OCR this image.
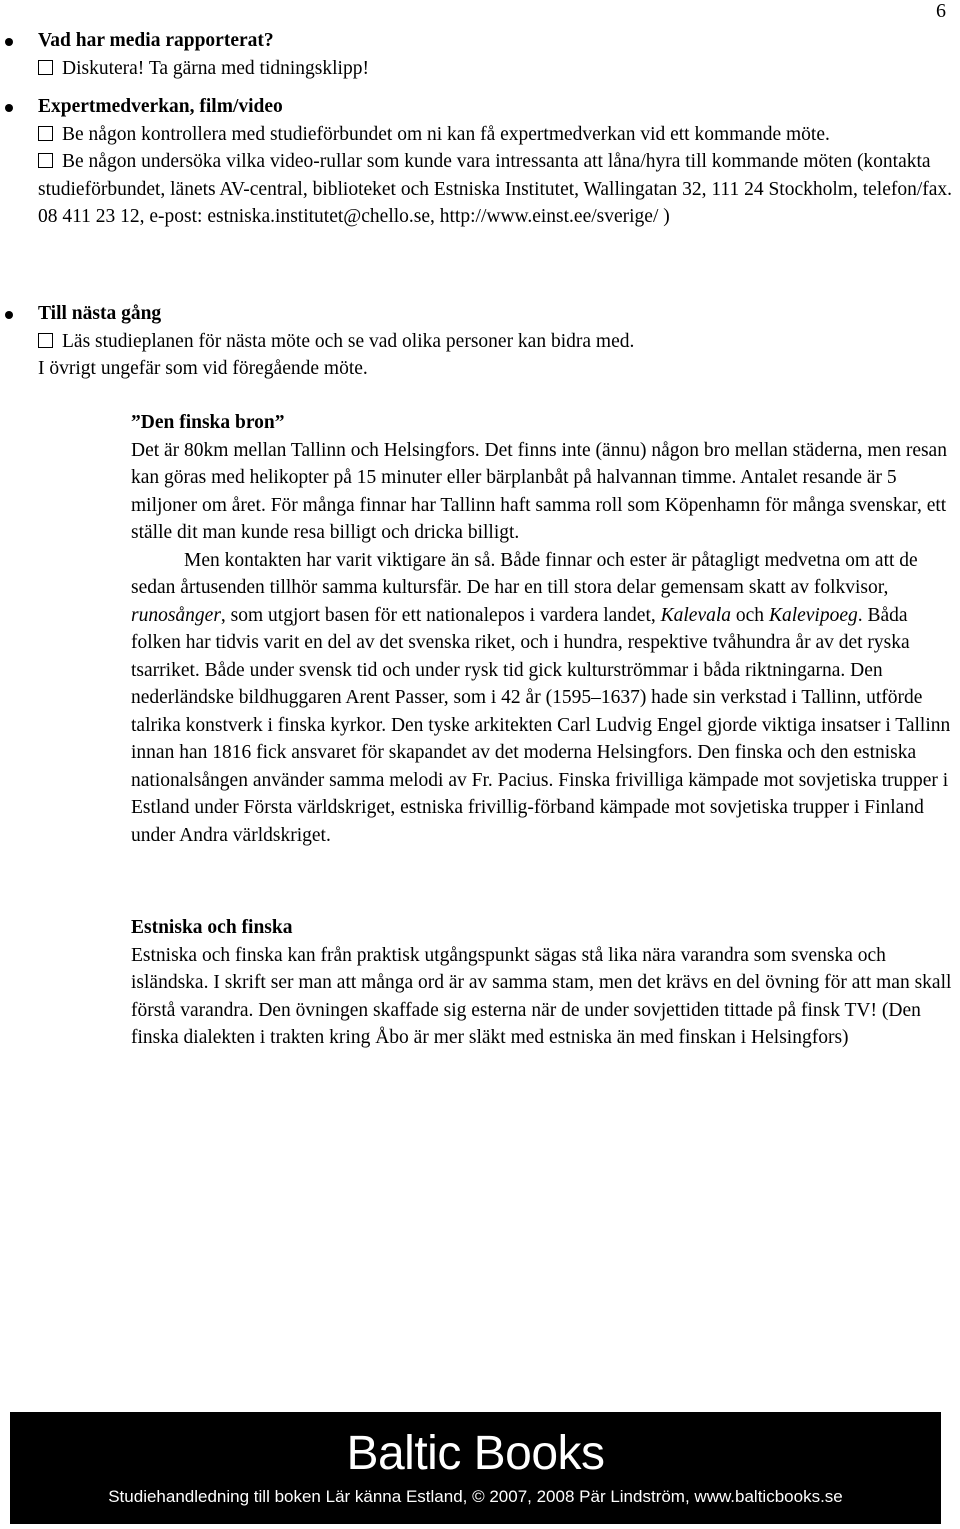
6

Vad har media rapporterat?

Diskutera! Ta gärna med tidningsklipp!

Expertmedverkan, film/video

Be någon kontrollera med studieförbundet om ni kan få expertmedverkan vid ett kommande möte.

Be någon undersöka vilka video-rullar som kunde vara intressanta att låna/hyra till kommande möten (kontakta studieförbundet, länets AV-central, biblioteket och Estniska Institutet, Wallingatan 32, 111 24 Stockholm, telefon/fax. 08 411 23 12, e-post: estniska.institutet@chello.se, http://www.einst.ee/sverige/ )

Till nästa gång

Läs studieplanen för nästa möte och se vad olika personer kan bidra med.

I övrigt ungefär som vid föregående möte.

”Den finska bron”

Det är 80km mellan Tallinn och Helsingfors. Det finns inte (ännu) någon bro mellan städerna, men resan kan göras med helikopter på 15 minuter eller bärplanbåt på halvannan timme. Antalet resande är 5 miljoner om året. För många finnar har Tallinn haft samma roll som Köpenhamn för många svenskar, ett ställe dit man kunde resa billigt och dricka billigt.

Men kontakten har varit viktigare än så. Både finnar och ester är påtagligt medvetna om att de sedan årtusenden tillhör samma kultursfär. De har en till stora delar gemensam skatt av folkvisor, runosånger, som utgjort basen för ett nationalepos i vardera landet, Kalevala och Kalevipoeg. Båda folken har tidvis varit en del av det svenska riket, och i hundra, respektive tvåhundra år av det ryska tsarriket. Både under svensk tid och under rysk tid gick kulturströmmar i båda riktningarna. Den nederländske bildhuggaren Arent Passer, som i 42 år (1595–1637) hade sin verkstad i Tallinn, utförde talrika konstverk i finska kyrkor. Den tyske arkitekten Carl Ludvig Engel gjorde viktiga insatser i Tallinn innan han 1816 fick ansvaret för skapandet av det moderna Helsingfors. Den finska och den estniska nationalsången använder samma melodi av Fr. Pacius. Finska frivilliga kämpade mot sovjetiska trupper i Estland under Första världskriget, estniska frivillig-förband kämpade mot sovjetiska trupper i Finland under Andra världskriget.

Estniska och finska

Estniska och finska kan från praktisk utgångspunkt sägas stå lika nära varandra som svenska och isländska. I skrift ser man att många ord är av samma stam, men det krävs en del övning för att man skall förstå varandra. Den övningen skaffade sig esterna när de under sovjettiden tittade på finsk TV! (Den finska dialekten i trakten kring Åbo är mer släkt med estniska än med finskan i Helsingfors)

Baltic Books
Studiehandledning till boken Lär känna Estland, © 2007, 2008 Pär Lindström, www.balticbooks.se
